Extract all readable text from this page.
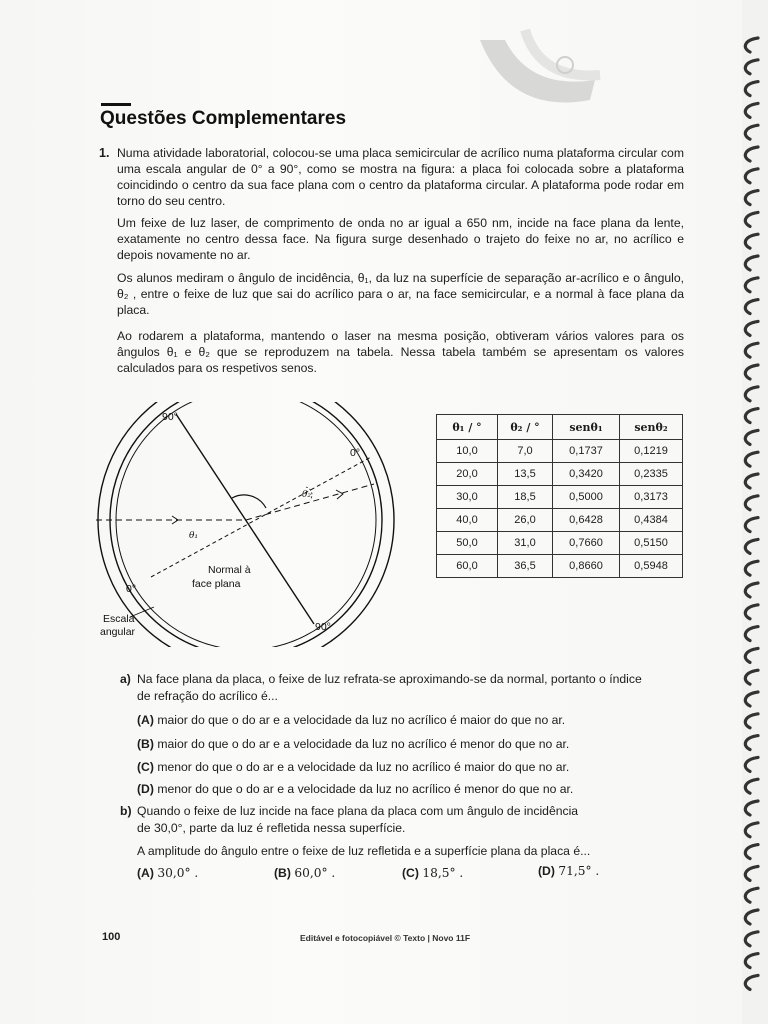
Questões Complementares
1. Numa atividade laboratorial, colocou-se uma placa semicircular de acrílico numa plataforma circular com uma escala angular de 0° a 90°, como se mostra na figura: a placa foi colocada sobre a plataforma coincidindo o centro da sua face plana com o centro da plataforma circular. A plataforma pode rodar em torno do seu centro.
Um feixe de luz laser, de comprimento de onda no ar igual a 650 nm, incide na face plana da lente, exatamente no centro dessa face. Na figura surge desenhado o trajeto do feixe no ar, no acrílico e depois novamente no ar.
Os alunos mediram o ângulo de incidência, θ₁, da luz na superfície de separação ar-acrílico e o ângulo, θ₂ , entre o feixe de luz que sai do acrílico para o ar, na face semicircular, e a normal à face plana da placa.
Ao rodarem a plataforma, mantendo o laser na mesma posição, obtiveram vários valores para os ângulos θ₁ e θ₂ que se reproduzem na tabela. Nessa tabela também se apresentam os valores calculados para os respetivos senos.
90°
0°
0°
90°
θ₁
θ₂
Normal à
face plana
Escala
angular
θ₁ / °	θ₂ / °	senθ₁	senθ₂
10,0	7,0	0,1737	0,1219
20,0	13,5	0,3420	0,2335
30,0	18,5	0,5000	0,3173
40,0	26,0	0,6428	0,4384
50,0	31,0	0,7660	0,5150
60,0	36,5	0,8660	0,5948
a) Na face plana da placa, o feixe de luz refrata-se aproximando-se da normal, portanto o índice
de refração do acrílico é...
(A) maior do que o do ar e a velocidade da luz no acrílico é maior do que no ar.
(B) maior do que o do ar e a velocidade da luz no acrílico é menor do que no ar.
(C) menor do que o do ar e a velocidade da luz no acrílico é maior do que no ar.
(D) menor do que o do ar e a velocidade da luz no acrílico é menor do que no ar.
b) Quando o feixe de luz incide na face plana da placa com um ângulo de incidência
de 30,0°, parte da luz é refletida nessa superfície.
A amplitude do ângulo entre o feixe de luz refletida e a superfície plana da placa é...
(A) 30,0° .	(B) 60,0° .	(C) 18,5° .	(D) 71,5° .
100	Editável e fotocopiável © Texto | Novo 11F
